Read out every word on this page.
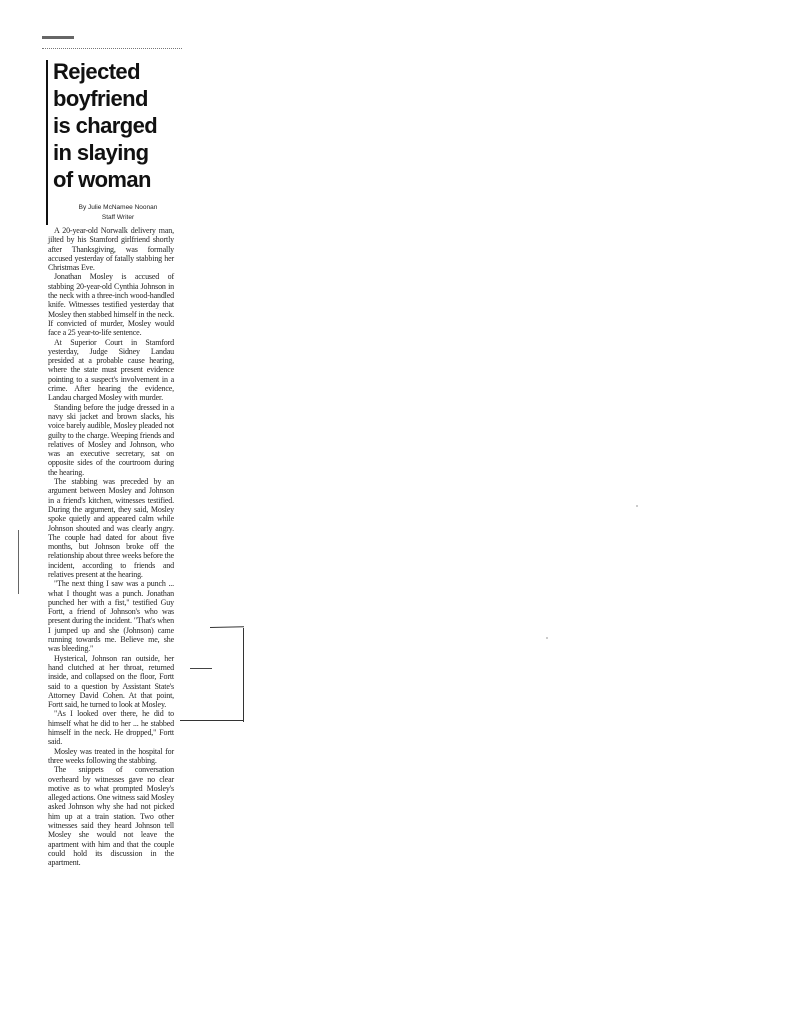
Rejected
boyfriend
is charged
in slaying
of woman
By Julie McNamee Noonan
Staff Writer

A 20-year-old Norwalk delivery man, jilted by his Stamford girlfriend shortly after Thanksgiving, was formally accused yesterday of fatally stabbing her Christmas Eve.

Jonathan Mosley is accused of stabbing 20-year-old Cynthia Johnson in the neck with a three-inch wood-handled knife. Witnesses testified yesterday that Mosley then stabbed himself in the neck. If convicted of murder, Mosley would face a 25 year-to-life sentence.

At Superior Court in Stamford yesterday, Judge Sidney Landau presided at a probable cause hearing, where the state must present evidence pointing to a suspect's involvement in a crime. After hearing the evidence, Landau charged Mosley with murder.

Standing before the judge dressed in a navy ski jacket and brown slacks, his voice barely audible, Mosley pleaded not guilty to the charge. Weeping friends and relatives of Mosley and Johnson, who was an executive secretary, sat on opposite sides of the courtroom during the hearing.

The stabbing was preceded by an argument between Mosley and Johnson in a friend's kitchen, witnesses testified. During the argument, they said, Mosley spoke quietly and appeared calm while Johnson shouted and was clearly angry. The couple had dated for about five months, but Johnson broke off the relationship about three weeks before the incident, according to friends and relatives present at the hearing.

"The next thing I saw was a punch ... what I thought was a punch. Jonathan punched her with a fist," testified Guy Fortt, a friend of Johnson's who was present during the incident. "That's when I jumped up and she (Johnson) came running towards me. Believe me, she was bleeding."

Hysterical, Johnson ran outside, her hand clutched at her throat, returned inside, and collapsed on the floor, Fortt said to a question by Assistant State's Attorney David Cohen. At that point, Fortt said, he turned to look at Mosley.

"As I looked over there, he did to himself what he did to her ... he stabbed himself in the neck. He dropped," Fortt said.

Mosley was treated in the hospital for three weeks following the stabbing.

The snippets of conversation overheard by witnesses gave no clear motive as to what prompted Mosley's alleged actions. One witness said Mosley asked Johnson why she had not picked him up at a train station. Two other witnesses said they heard Johnson tell Mosley she would not leave the apartment with him and that the couple could hold its discussion in the apartment.
